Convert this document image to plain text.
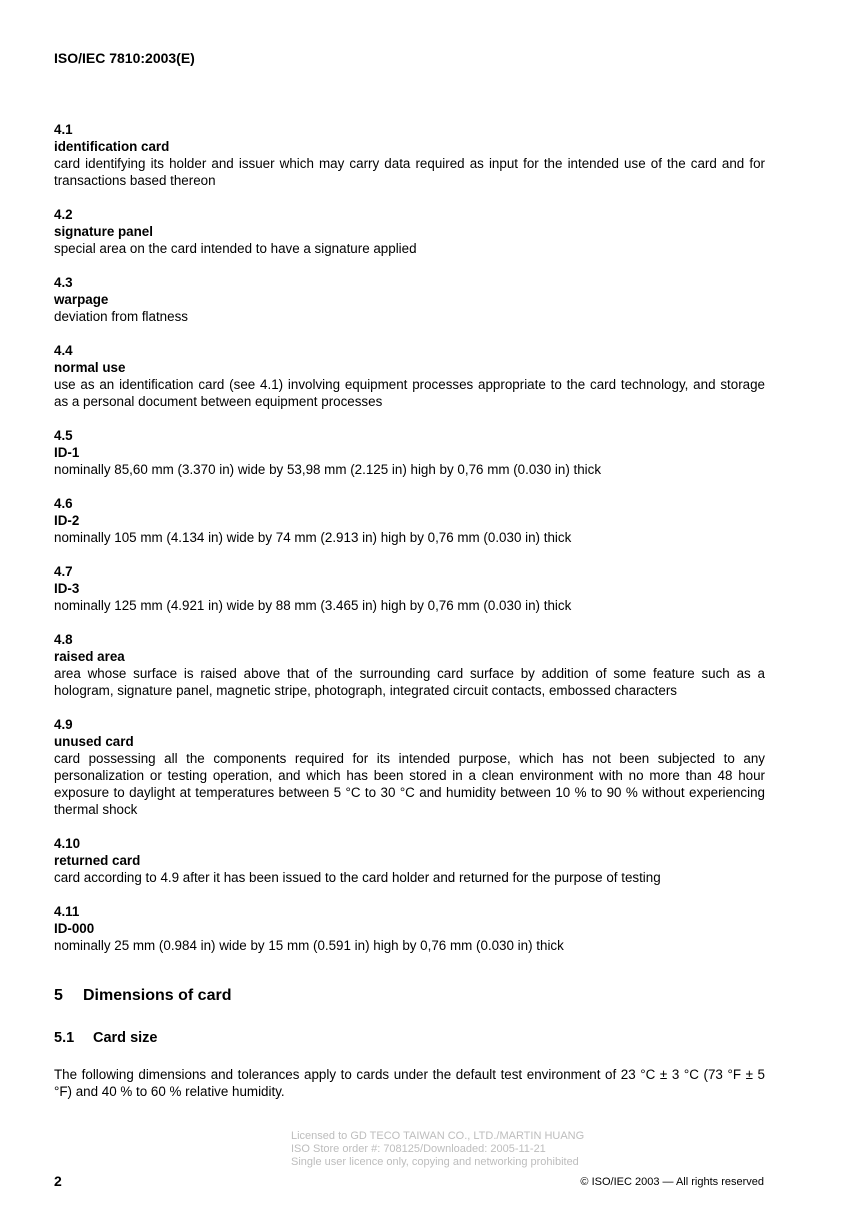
ISO/IEC 7810:2003(E)
4.1
identification card
card identifying its holder and issuer which may carry data required as input for the intended use of the card and for transactions based thereon
4.2
signature panel
special area on the card intended to have a signature applied
4.3
warpage
deviation from flatness
4.4
normal use
use as an identification card (see 4.1) involving equipment processes appropriate to the card technology, and storage as a personal document between equipment processes
4.5
ID-1
nominally 85,60 mm (3.370 in) wide by 53,98 mm (2.125 in) high by 0,76 mm (0.030 in) thick
4.6
ID-2
nominally 105 mm (4.134 in) wide by 74 mm (2.913 in) high by 0,76 mm (0.030 in) thick
4.7
ID-3
nominally 125 mm (4.921 in) wide by 88 mm (3.465 in) high by 0,76 mm (0.030 in) thick
4.8
raised area
area whose surface is raised above that of the surrounding card surface by addition of some feature such as a hologram, signature panel, magnetic stripe, photograph, integrated circuit contacts, embossed characters
4.9
unused card
card possessing all the components required for its intended purpose, which has not been subjected to any personalization or testing operation, and which has been stored in a clean environment with no more than 48 hour exposure to daylight at temperatures between 5 °C to 30 °C and humidity between 10 % to 90 % without experiencing thermal shock
4.10
returned card
card according to 4.9 after it has been issued to the card holder and returned for the purpose of testing
4.11
ID-000
nominally 25 mm (0.984 in) wide by 15 mm (0.591 in) high by 0,76 mm (0.030 in) thick
5 Dimensions of card
5.1 Card size
The following dimensions and tolerances apply to cards under the default test environment of 23 °C ± 3 °C (73 °F ± 5 °F) and 40 % to 60 % relative humidity.
Licensed to GD TECO TAIWAN CO., LTD./MARTIN HUANG
ISO Store order #: 708125/Downloaded: 2005-11-21
Single user licence only, copying and networking prohibited
2	© ISO/IEC 2003 — All rights reserved
